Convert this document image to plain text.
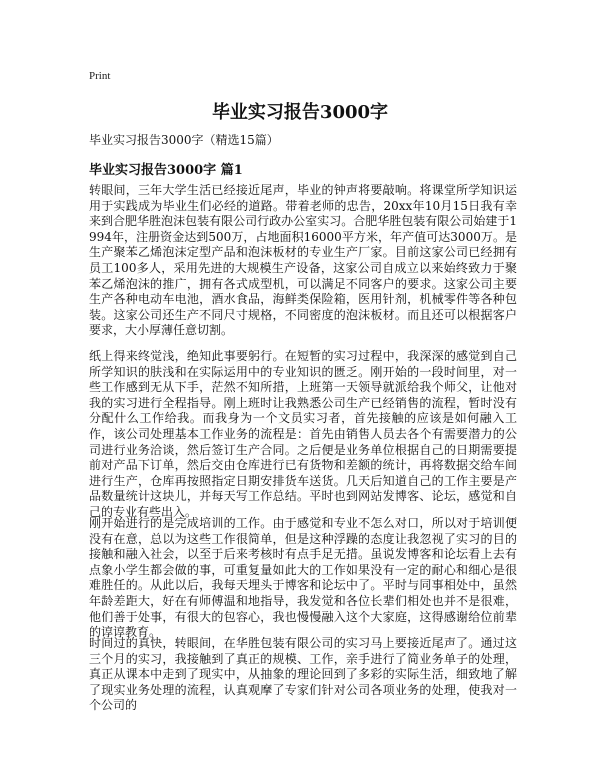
Print
毕业实习报告3000字

毕业实习报告3000字（精选15篇）

毕业实习报告3000字 篇1

转眼间，三年大学生活已经接近尾声，毕业的钟声将要敲响。将课堂所学知识运用于实践成为毕业生们必经的道路。带着老师的忠告，20xx年10月15日我有幸来到合肥华胜泡沫包装有限公司行政办公室实习。合肥华胜包装有限公司始建于1994年，注册资金达到500万，占地面积16000平方米，年产值可达3000万。是生产聚苯乙烯泡沫定型产品和泡沫板材的专业生产厂家。目前这家公司已经拥有员工100多人，采用先进的大规模生产设备，这家公司自成立以来始终致力于聚苯乙烯泡沫的推广，拥有各式成型机，可以满足不同客户的要求。这家公司主要生产各种电动车电池，酒水食品，海鲜类保险箱，医用针剂，机械零件等各种包装。这家公司还生产不同尺寸规格，不同密度的泡沫板材。而且还可以根据客户要求，大小厚薄任意切割。

纸上得来终觉浅，绝知此事要躬行。在短暂的实习过程中，我深深的感觉到自己所学知识的肤浅和在实际运用中的专业知识的匮乏。刚开始的一段时间里，对一些工作感到无从下手，茫然不知所措，上班第一天领导就派给我个师父，让他对我的实习进行全程指导。刚上班时让我熟悉公司生产已经销售的流程，暂时没有分配什么工作给我。而我身为一个文员实习者，首先接触的应该是如何融入工作，该公司处理基本工作业务的流程是：首先由销售人员去各个有需要潜力的公司进行业务洽谈，然后签订生产合同。之后便是业务单位根据自己的日期需要提前对产品下订单，然后交由仓库进行已有货物和差额的统计，再将数据交给车间进行生产，仓库再按照指定日期安排货车送货。几天后知道自己的工作主要是产品数量统计这块儿，并每天写工作总结。平时也到网站发博客、论坛，感觉和自己的专业有些出入。

刚开始进行的是完成培训的工作。由于感觉和专业不怎么对口，所以对于培训便没有在意，总以为这些工作很简单，但是这种浮躁的态度让我忽视了实习的目的接触和融入社会，以至于后来考核时有点手足无措。虽说发博客和论坛看上去有点象小学生都会做的事，可重复量如此大的工作如果没有一定的耐心和细心是很难胜任的。从此以后，我每天埋头于博客和论坛中了。平时与同事相处中，虽然年龄差距大，好在有师傅温和地指导，我发觉和各位长辈们相处也并不是很难，他们善于处事，有很大的包容心，我也慢慢融入这个大家庭，这得感谢给位前辈的谆谆教育。

时间过的真快，转眼间，在华胜包装有限公司的实习马上要接近尾声了。通过这三个月的实习，我接触到了真正的规模、工作，亲手进行了简业务单子的处理，真正从课本中走到了现实中，从抽象的理论回到了多彩的实际生活，细致地了解了现实业务处理的流程，认真观摩了专家们针对公司各项业务的处理，使我对一个公司的
